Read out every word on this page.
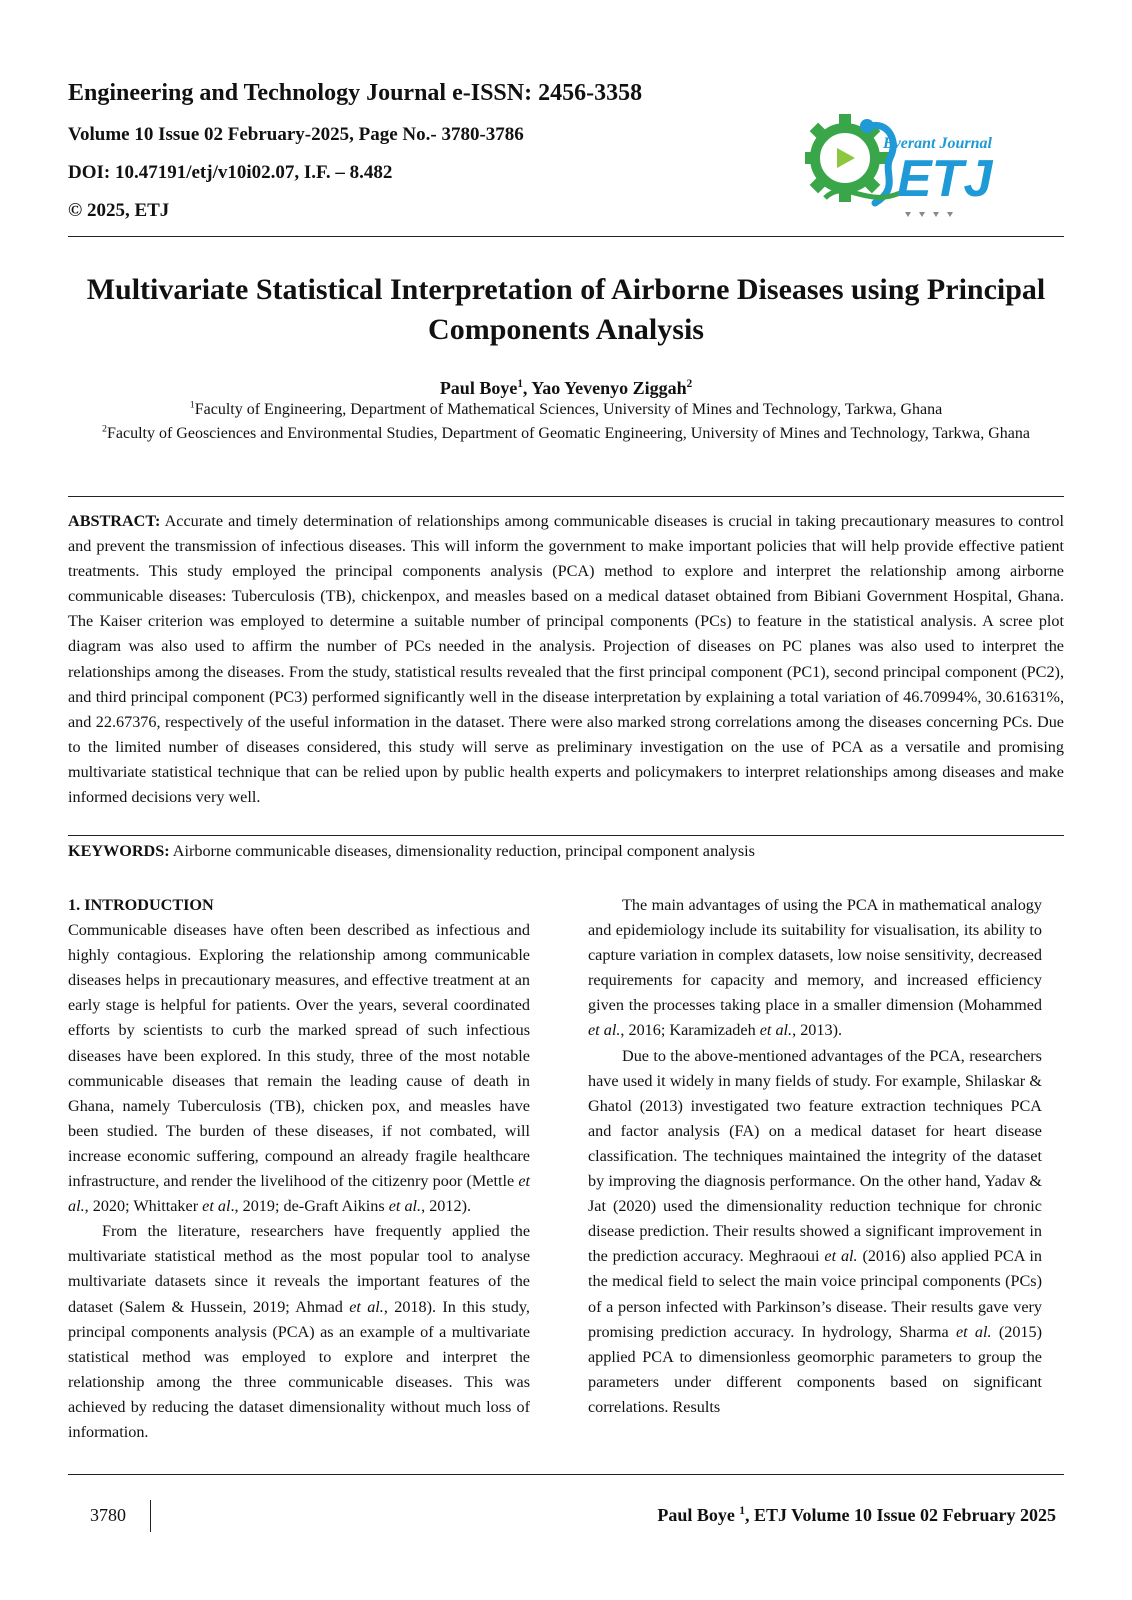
Engineering and Technology Journal e-ISSN: 2456-3358
Volume 10 Issue 02 February-2025, Page No.- 3780-3786
DOI: 10.47191/etj/v10i02.07, I.F. – 8.482
© 2025, ETJ
Everant Journal
ETJ
Multivariate Statistical Interpretation of Airborne Diseases using Principal Components Analysis
Paul Boye$^1$, Yao Yevenyo Ziggah$^2$
$^1$Faculty of Engineering, Department of Mathematical Sciences, University of Mines and Technology, Tarkwa, Ghana
$^2$Faculty of Geosciences and Environmental Studies, Department of Geomatic Engineering, University of Mines and Technology, Tarkwa, Ghana
ABSTRACT: Accurate and timely determination of relationships among communicable diseases is crucial in taking precautionary measures to control and prevent the transmission of infectious diseases. This will inform the government to make important policies that will help provide effective patient treatments. This study employed the principal components analysis (PCA) method to explore and interpret the relationship among airborne communicable diseases: Tuberculosis (TB), chickenpox, and measles based on a medical dataset obtained from Bibiani Government Hospital, Ghana. The Kaiser criterion was employed to determine a suitable number of principal components (PCs) to feature in the statistical analysis. A scree plot diagram was also used to affirm the number of PCs needed in the analysis. Projection of diseases on PC planes was also used to interpret the relationships among the diseases. From the study, statistical results revealed that the first principal component (PC1), second principal component (PC2), and third principal component (PC3) performed significantly well in the disease interpretation by explaining a total variation of 46.70994%, 30.61631%, and 22.67376, respectively of the useful information in the dataset. There were also marked strong correlations among the diseases concerning PCs. Due to the limited number of diseases considered, this study will serve as preliminary investigation on the use of PCA as a versatile and promising multivariate statistical technique that can be relied upon by public health experts and policymakers to interpret relationships among diseases and make informed decisions very well.
KEYWORDS: Airborne communicable diseases, dimensionality reduction, principal component analysis

1. INTRODUCTION

Communicable diseases have often been described as infectious and highly contagious. Exploring the relationship among communicable diseases helps in precautionary measures, and effective treatment at an early stage is helpful for patients. Over the years, several coordinated efforts by scientists to curb the marked spread of such infectious diseases have been explored. In this study, three of the most notable communicable diseases that remain the leading cause of death in Ghana, namely Tuberculosis (TB), chicken pox, and measles have been studied. The burden of these diseases, if not combated, will increase economic suffering, compound an already fragile healthcare infrastructure, and render the livelihood of the citizenry poor (Mettle et al., 2020; Whittaker et al., 2019; de-Graft Aikins et al., 2012).

From the literature, researchers have frequently applied the multivariate statistical method as the most popular tool to analyse multivariate datasets since it reveals the important features of the dataset (Salem & Hussein, 2019; Ahmad et al., 2018). In this study, principal components analysis (PCA) as an example of a multivariate statistical method was employed to explore and interpret the relationship among the three communicable diseases. This was achieved by reducing the dataset dimensionality without much loss of information.

The main advantages of using the PCA in mathematical analogy and epidemiology include its suitability for visualisation, its ability to capture variation in complex datasets, low noise sensitivity, decreased requirements for capacity and memory, and increased efficiency given the processes taking place in a smaller dimension (Mohammed et al., 2016; Karamizadeh et al., 2013).

Due to the above-mentioned advantages of the PCA, researchers have used it widely in many fields of study. For example, Shilaskar & Ghatol (2013) investigated two feature extraction techniques PCA and factor analysis (FA) on a medical dataset for heart disease classification. The techniques maintained the integrity of the dataset by improving the diagnosis performance. On the other hand, Yadav & Jat (2020) used the dimensionality reduction technique for chronic disease prediction. Their results showed a significant improvement in the prediction accuracy. Meghraoui et al. (2016) also applied PCA in the medical field to select the main voice principal components (PCs) of a person infected with Parkinson’s disease. Their results gave very promising prediction accuracy. In hydrology, Sharma et al. (2015) applied PCA to dimensionless geomorphic parameters to group the parameters under different components based on significant correlations. Results

3780	Paul Boye $^1$, ETJ Volume 10 Issue 02 February 2025
